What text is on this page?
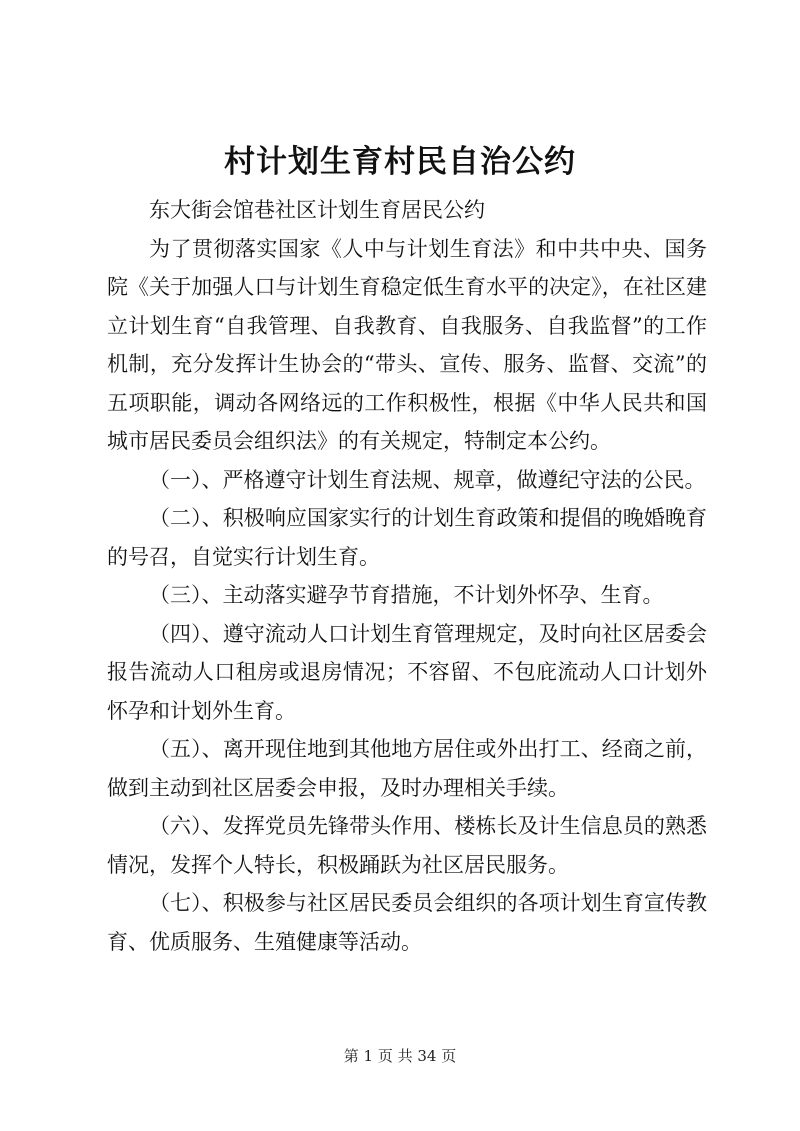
村计划生育村民自治公约

东大街会馆巷社区计划生育居民公约

为了贯彻落实国家《人中与计划生育法》和中共中央、国务院《关于加强人口与计划生育稳定低生育水平的决定》，在社区建立计划生育“自我管理、自我教育、自我服务、自我监督”的工作机制，充分发挥计生协会的“带头、宣传、服务、监督、交流”的五项职能，调动各网络远的工作积极性，根据《中华人民共和国城市居民委员会组织法》的有关规定，特制定本公约。

（一）、严格遵守计划生育法规、规章，做遵纪守法的公民。

（二）、积极响应国家实行的计划生育政策和提倡的晚婚晚育的号召，自觉实行计划生育。

（三）、主动落实避孕节育措施，不计划外怀孕、生育。

（四）、遵守流动人口计划生育管理规定，及时向社区居委会报告流动人口租房或退房情况；不容留、不包庇流动人口计划外怀孕和计划外生育。

（五）、离开现住地到其他地方居住或外出打工、经商之前，做到主动到社区居委会申报，及时办理相关手续。

（六）、发挥党员先锋带头作用、楼栋长及计生信息员的熟悉情况，发挥个人特长，积极踊跃为社区居民服务。

（七）、积极参与社区居民委员会组织的各项计划生育宣传教育、优质服务、生殖健康等活动。

第 1 页 共 34 页
